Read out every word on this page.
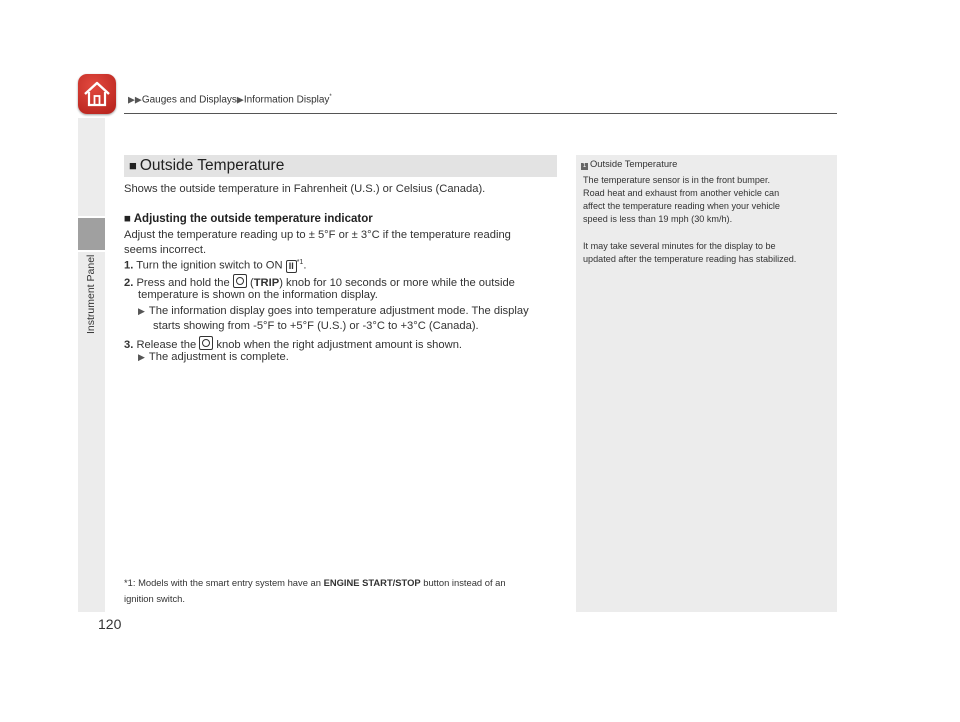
▶▶Gauges and Displays▶Information Display*
Instrument Panel
■ Outside Temperature
Shows the outside temperature in Fahrenheit (U.S.) or Celsius (Canada).
■ Adjusting the outside temperature indicator
Adjust the temperature reading up to ± 5°F or ± 3°C if the temperature reading
seems incorrect.
1. Turn the ignition switch to ON II $^{*1}$.
2. Press and hold the  (TRIP) knob for 10 seconds or more while the outside
temperature is shown on the information display.
▶ The information display goes into temperature adjustment mode. The display
starts showing from -5°F to +5°F (U.S.) or -3°C to +3°C (Canada).
3. Release the knob when the right adjustment amount is shown.
▶ The adjustment is complete.
*1: Models with the smart entry system have an ENGINE START/STOP button instead of an
ignition switch.
1 Outside Temperature
The temperature sensor is in the front bumper.
Road heat and exhaust from another vehicle can
affect the temperature reading when your vehicle
speed is less than 19 mph (30 km/h).
It may take several minutes for the display to be
updated after the temperature reading has stabilized.
120
